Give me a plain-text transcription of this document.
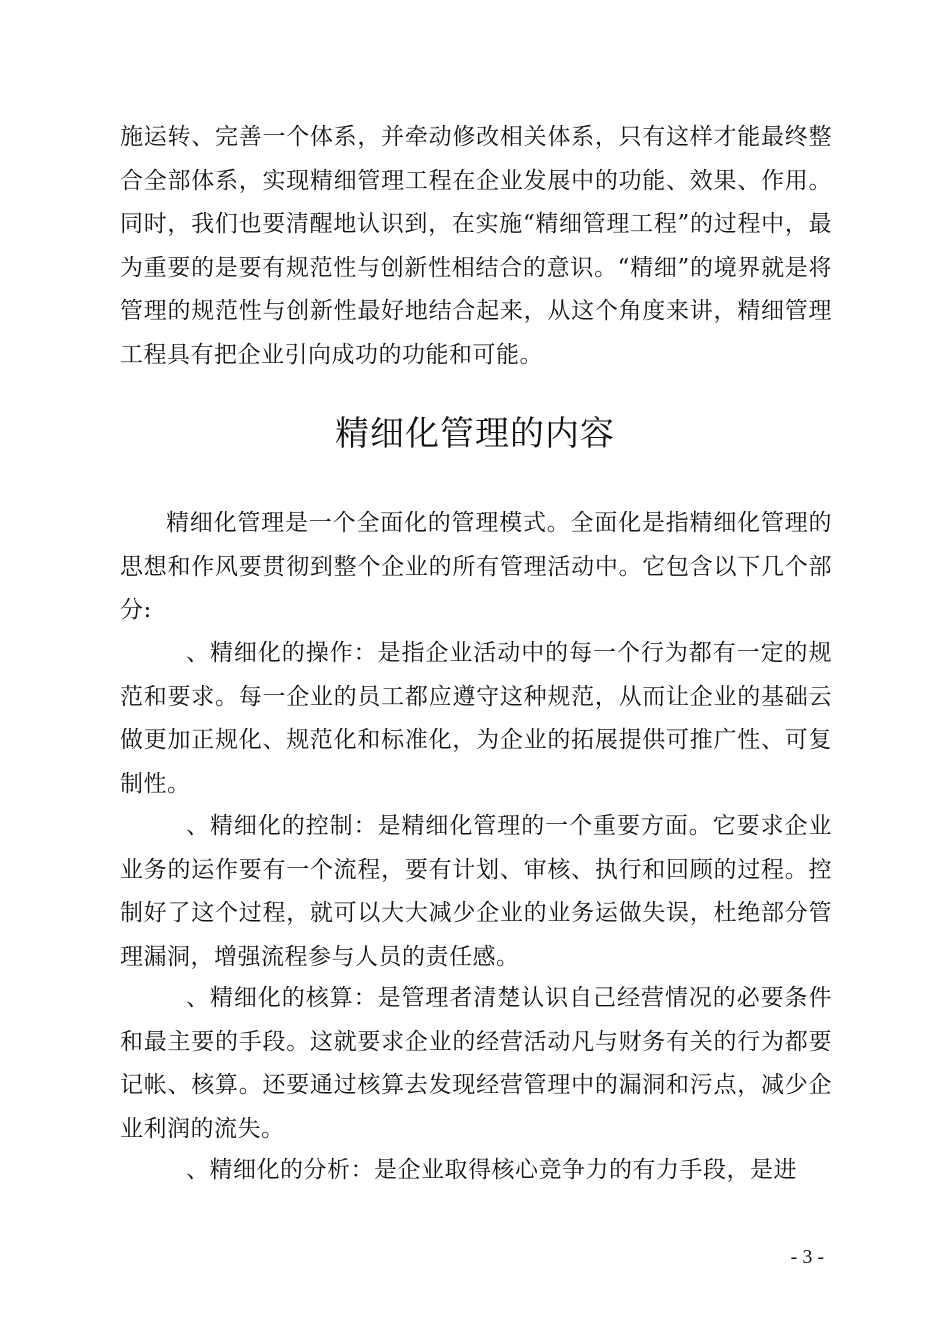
施运转、完善一个体系，并牵动修改相关体系，只有这样才能最终整合全部体系，实现精细管理工程在企业发展中的功能、效果、作用。同时，我们也要清醒地认识到，在实施“精细管理工程”的过程中，最为重要的是要有规范性与创新性相结合的意识。“精细”的境界就是将管理的规范性与创新性最好地结合起来，从这个角度来讲，精细管理工程具有把企业引向成功的功能和可能。

精细化管理的内容

精细化管理是一个全面化的管理模式。全面化是指精细化管理的思想和作风要贯彻到整个企业的所有管理活动中。它包含以下几个部分:

、精细化的操作：是指企业活动中的每一个行为都有一定的规范和要求。每一企业的员工都应遵守这种规范，从而让企业的基础云做更加正规化、规范化和标准化，为企业的拓展提供可推广性、可复制性。

、精细化的控制：是精细化管理的一个重要方面。它要求企业业务的运作要有一个流程，要有计划、审核、执行和回顾的过程。控制好了这个过程，就可以大大减少企业的业务运做失误，杜绝部分管理漏洞，增强流程参与人员的责任感。

、精细化的核算：是管理者清楚认识自己经营情况的必要条件和最主要的手段。这就要求企业的经营活动凡与财务有关的行为都要记帐、核算。还要通过核算去发现经营管理中的漏洞和污点，减少企业利润的流失。

、精细化的分析：是企业取得核心竞争力的有力手段，是进

- 3 -
